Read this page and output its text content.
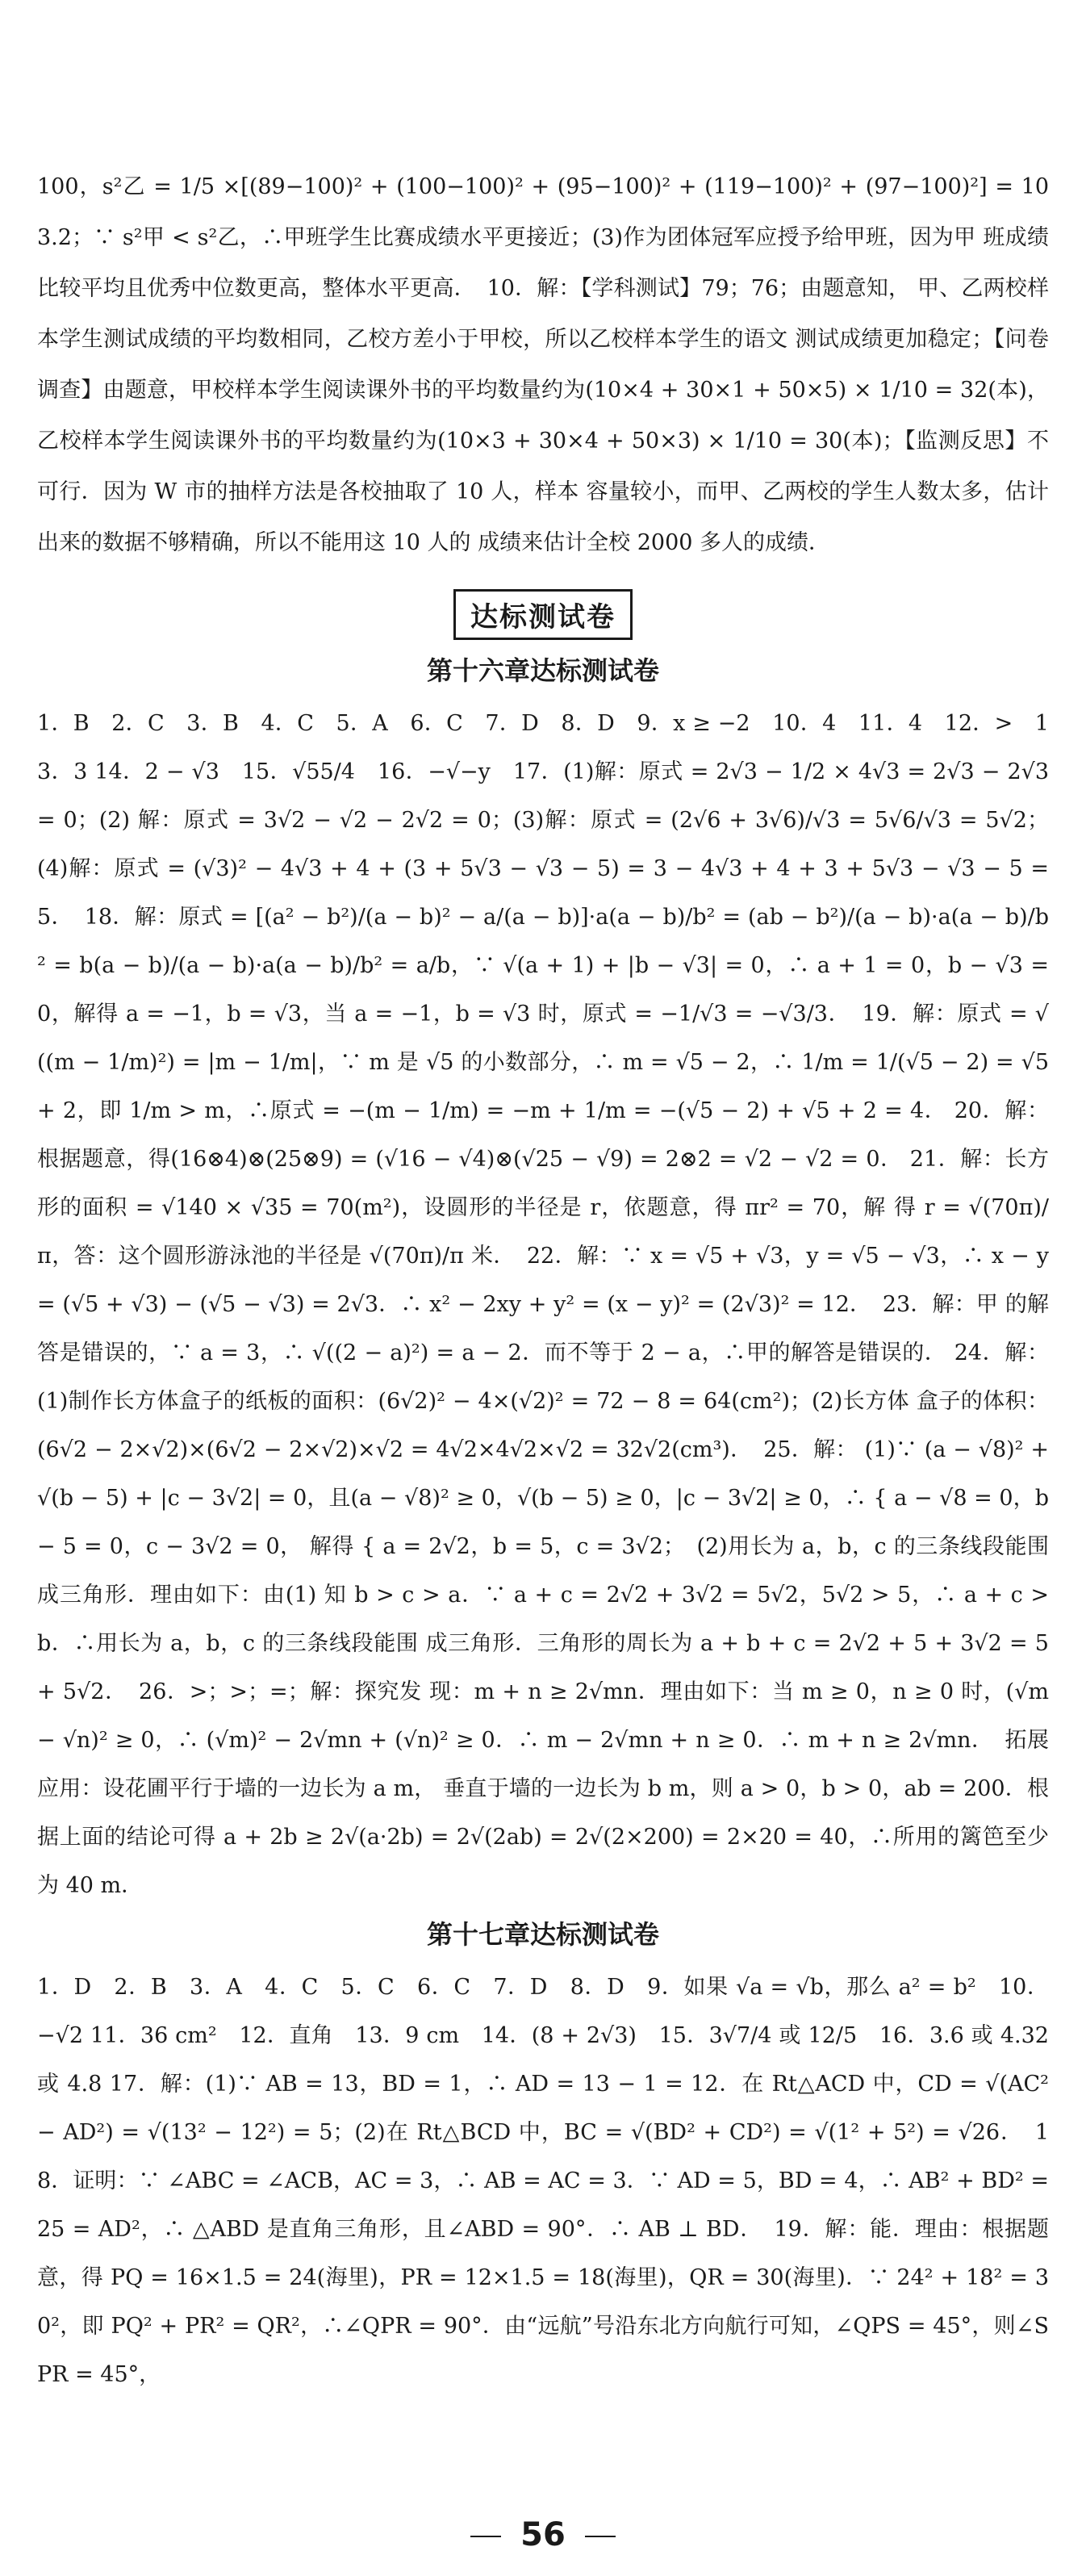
100，s²乙 = 1/5 ×[(89−100)² + (100−100)² + (95−100)² + (119−100)² + (97−100)²] = 103.2；∵ s²甲 < s²乙，∴甲班学生比赛成绩水平更接近；(3)作为团体冠军应授予给甲班，因为甲 班成绩比较平均且优秀中位数更高，整体水平更高．　10．解：【学科测试】79；76；由题意知， 甲、乙两校样本学生测试成绩的平均数相同，乙校方差小于甲校，所以乙校样本学生的语文 测试成绩更加稳定；【问卷调查】由题意，甲校样本学生阅读课外书的平均数量约为(10×4 + 30×1 + 50×5) × 1/10 = 32(本)，乙校样本学生阅读课外书的平均数量约为(10×3 + 30×4 + 50×3) × 1/10 = 30(本)；【监测反思】不可行．因为 W 市的抽样方法是各校抽取了 10 人，样本 容量较小，而甲、乙两校的学生人数太多，估计出来的数据不够精确，所以不能用这 10 人的 成绩来估计全校 2000 多人的成绩．

达标测试卷
第十六章达标测试卷

1．B　2．C　3．B　4．C　5．A　6．C　7．D　8．D　9．x ≥ −2　10．4　11．4　12．>　13．3 14．2 − √3　15．√55/4　16．−√−y　17．(1)解：原式 = 2√3 − 1/2 × 4√3 = 2√3 − 2√3 = 0；(2) 解：原式 = 3√2 − √2 − 2√2 = 0；(3)解：原式 = (2√6 + 3√6)/√3 = 5√6/√3 = 5√2；(4)解：原式 = (√3)² − 4√3 + 4 + (3 + 5√3 − √3 − 5) = 3 − 4√3 + 4 + 3 + 5√3 − √3 − 5 = 5．　18．解：原式 = [(a² − b²)/(a − b)² − a/(a − b)]·a(a − b)/b² = (ab − b²)/(a − b)·a(a − b)/b² = b(a − b)/(a − b)·a(a − b)/b² = a/b，∵ √(a + 1) + |b − √3| = 0，∴ a + 1 = 0，b − √3 = 0，解得 a = −1，b = √3，当 a = −1，b = √3 时，原式 = −1/√3 = −√3/3．　19．解：原式 = √((m − 1/m)²) = |m − 1/m|，∵ m 是 √5 的小数部分，∴ m = √5 − 2，∴ 1/m = 1/(√5 − 2) = √5 + 2，即 1/m > m，∴原式 = −(m − 1/m) = −m + 1/m = −(√5 − 2) + √5 + 2 = 4． 20．解：根据题意，得(16⊗4)⊗(25⊗9) = (√16 − √4)⊗(√25 − √9) = 2⊗2 = √2 − √2 = 0． 21．解：长方形的面积 = √140 × √35 = 70(m²)，设圆形的半径是 r，依题意，得 πr² = 70，解 得 r = √(70π)/π，答：这个圆形游泳池的半径是 √(70π)/π 米．　22．解：∵ x = √5 + √3，y = √5 − √3，∴ x − y = (√5 + √3) − (√5 − √3) = 2√3．∴ x² − 2xy + y² = (x − y)² = (2√3)² = 12．　23．解：甲 的解答是错误的，∵ a = 3，∴ √((2 − a)²) = a − 2．而不等于 2 − a，∴甲的解答是错误的． 24．解：(1)制作长方体盒子的纸板的面积：(6√2)² − 4×(√2)² = 72 − 8 = 64(cm²)；(2)长方体 盒子的体积：(6√2 − 2×√2)×(6√2 − 2×√2)×√2 = 4√2×4√2×√2 = 32√2(cm³)．　25．解： (1)∵ (a − √8)² + √(b − 5) + |c − 3√2| = 0，且(a − √8)² ≥ 0，√(b − 5) ≥ 0，|c − 3√2| ≥ 0，∴ { a − √8 = 0，b − 5 = 0，c − 3√2 = 0， 解得 { a = 2√2，b = 5，c = 3√2；　(2)用长为 a，b，c 的三条线段能围成三角形．理由如下：由(1) 知 b > c > a．∵ a + c = 2√2 + 3√2 = 5√2，5√2 > 5，∴ a + c > b．∴用长为 a，b，c 的三条线段能围 成三角形．三角形的周长为 a + b + c = 2√2 + 5 + 3√2 = 5 + 5√2．　26．>；>；=；解：探究发 现：m + n ≥ 2√mn．理由如下：当 m ≥ 0，n ≥ 0 时，(√m − √n)² ≥ 0，∴ (√m)² − 2√mn + (√n)² ≥ 0．∴ m − 2√mn + n ≥ 0．∴ m + n ≥ 2√mn．　拓展应用：设花圃平行于墙的一边长为 a m， 垂直于墙的一边长为 b m，则 a > 0，b > 0，ab = 200．根据上面的结论可得 a + 2b ≥ 2√(a·2b) = 2√(2ab) = 2√(2×200) = 2×20 = 40，∴所用的篱笆至少为 40 m．

第十七章达标测试卷

1．D　2．B　3．A　4．C　5．C　6．C　7．D　8．D　9．如果 √a = √b，那么 a² = b²　10．−√2 11．36 cm²　12．直角　13．9 cm　14．(8 + 2√3)　15．3√7/4 或 12/5　16．3.6 或 4.32 或 4.8 17．解：(1)∵ AB = 13，BD = 1，∴ AD = 13 − 1 = 12．在 Rt△ACD 中，CD = √(AC² − AD²) = √(13² − 12²) = 5；(2)在 Rt△BCD 中，BC = √(BD² + CD²) = √(1² + 5²) = √26．　18．证明：∵ ∠ABC = ∠ACB，AC = 3，∴ AB = AC = 3．∵ AD = 5，BD = 4，∴ AB² + BD² = 25 = AD²，∴ △ABD 是直角三角形，且∠ABD = 90°．∴ AB ⊥ BD．　19．解：能．理由：根据题意，得 PQ = 16×1.5 = 24(海里)，PR = 12×1.5 = 18(海里)，QR = 30(海里)．∵ 24² + 18² = 30²，即 PQ² + PR² = QR²，∴∠QPR = 90°．由“远航”号沿东北方向航行可知，∠QPS = 45°，则∠SPR = 45°，

56
